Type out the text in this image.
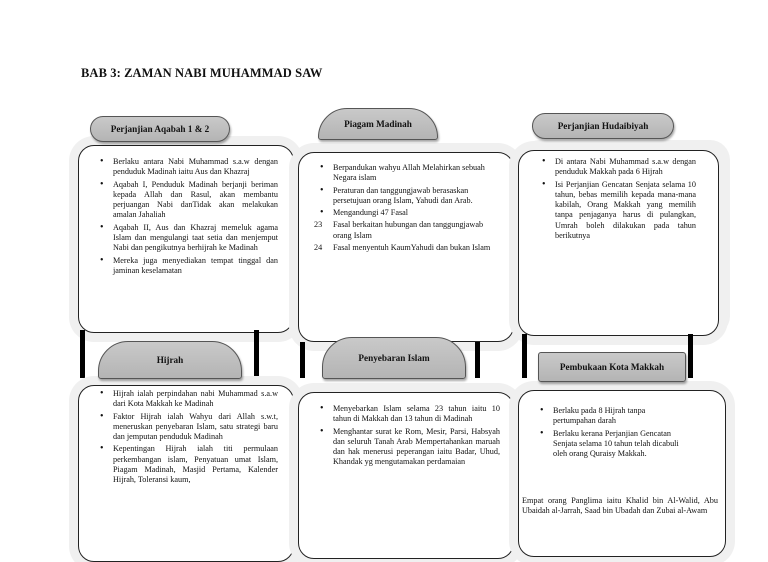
BAB 3: ZAMAN NABI MUHAMMAD SAW
Perjanjian Aqabah 1 & 2
• Berlaku antara Nabi Muhammad s.a.w dengan penduduk Madinah iaitu Aus dan Khazraj
• Aqabah I, Penduduk Madinah berjanji beriman kepada Allah dan Rasul, akan membantu perjuangan Nabi danTidak akan melakukan amalan Jahaliah
• Aqabah II, Aus dan Khazraj memeluk agama Islam dan mengulangi taat setia dan menjemput Nabi dan pengikutnya berhijrah ke Madinah
• Mereka juga menyediakan tempat tinggal dan jaminan keselamatan
Piagam Madinah
• Berpandukan wahyu Allah Melahirkan sebuah Negara islam
• Peraturan dan tanggungjawab berasaskan persetujuan orang Islam, Yahudi dan Arab.
• Mengandungi 47 Fasal
23 Fasal berkaitan hubungan dan tanggungjawab orang Islam
24 Fasal menyentuh KaumYahudi dan bukan Islam
Perjanjian Hudaibiyah
• Di antara Nabi Muhammad s.a.w dengan penduduk Makkah pada 6 Hijrah
• Isi Perjanjian Gencatan Senjata selama 10 tahun, bebas memilih kepada mana-mana kabilah, Orang Makkah yang memilih tanpa penjaganya harus di pulangkan, Umrah boleh dilakukan pada tahun berikutnya
Hijrah
• Hijrah ialah perpindahan nabi Muhammad s.a.w dari Kota Makkah ke Madinah
• Faktor Hijrah ialah Wahyu dari Allah s.w.t, meneruskan penyebaran Islam, satu strategi baru dan jemputan penduduk Madinah
• Kepentingan Hijrah ialah titi permulaan perkembangan islam, Penyatuan umat Islam, Piagam Madinah, Masjid Pertama, Kalender Hijrah, Toleransi kaum,
Penyebaran Islam
• Menyebarkan Islam selama 23 tahun iaitu 10 tahun di Makkah dan 13 tahun di Madinah
• Menghantar surat ke Rom, Mesir, Parsi, Habsyah dan seluruh Tanah Arab Mempertahankan maruah dan hak menerusi peperangan iaitu Badar, Uhud, Khandak yg mengutamakan perdamaian
Pembukaan Kota Makkah
• Berlaku pada 8 Hijrah tanpa pertumpahan darah
• Berlaku kerana Perjanjian Gencatan Senjata selama 10 tahun telah dicabuli oleh orang Quraisy Makkah.
Empat orang Panglima iaitu Khalid bin Al-Walid, Abu Ubaidah al-Jarrah, Saad bin Ubadah dan Zubai al-Awam
